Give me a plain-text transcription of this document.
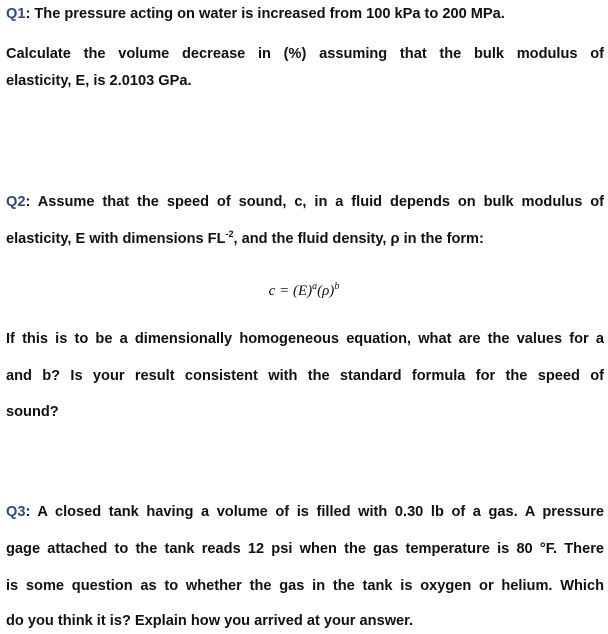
Q1: The pressure acting on water is increased from 100 kPa to 200 MPa.
Calculate the volume decrease in (%) assuming that the bulk modulus of
elasticity, E, is 2.0103 GPa.
Q2: Assume that the speed of sound, c, in a fluid depends on bulk modulus of
elasticity, E with dimensions $FL^{-2}$, and the fluid density, ρ in the form:
$c = (E)^a(\rho)^b$
If this is to be a dimensionally homogeneous equation, what are the values for a
and b? Is your result consistent with the standard formula for the speed of
sound?
Q3: A closed tank having a volume of is filled with 0.30 lb of a gas. A pressure
gage attached to the tank reads 12 psi when the gas temperature is 80 °F. There
is some question as to whether the gas in the tank is oxygen or helium. Which
do you think it is? Explain how you arrived at your answer.
